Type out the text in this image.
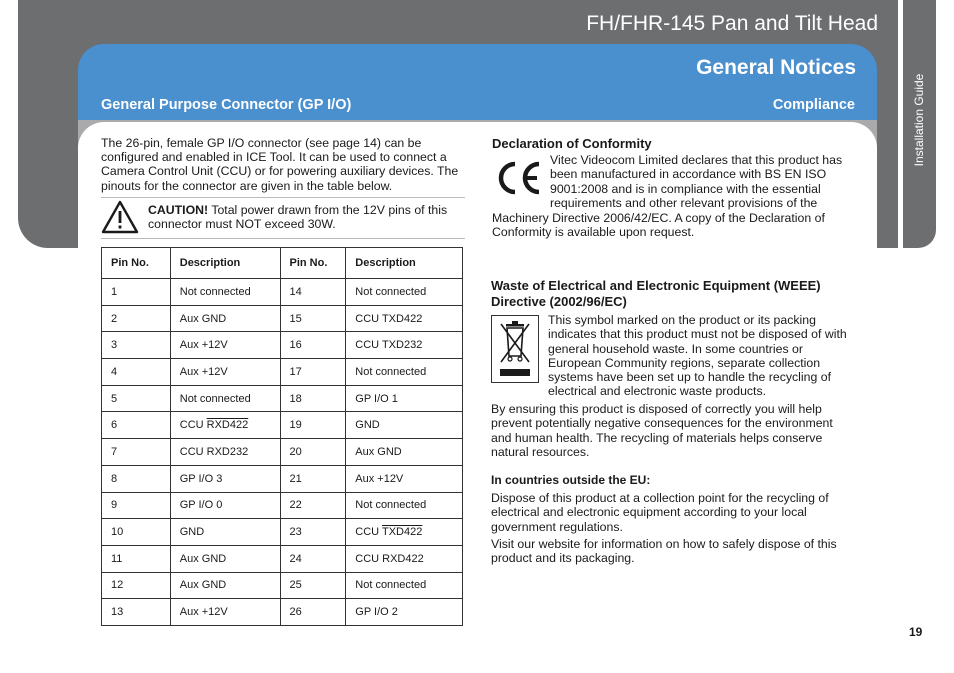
Installation Guide
FH/FHR-145 Pan and Tilt Head
General Notices
General Purpose Connector (GP I/O)	Compliance

The 26-pin, female GP I/O connector (see page 14) can be configured and enabled in ICE Tool. It can be used to connect a Camera Control Unit (CCU) or for powering auxiliary devices. The pinouts for the connector are given in the table below.

CAUTION! Total power drawn from the 12V pins of this connector must NOT exceed 30W.
Pin No.	Description	Pin No.	Description
1	Not connected	14	Not connected
2	Aux GND	15	CCU TXD422
3	Aux +12V	16	CCU TXD232
4	Aux +12V	17	Not connected
5	Not connected	18	GP I/O 1
6	CCU RXD422	19	GND
7	CCU RXD232	20	Aux GND
8	GP I/O 3	21	Aux +12V
9	GP I/O 0	22	Not connected
10	GND	23	CCU TXD422
11	Aux GND	24	CCU RXD422
12	Aux GND	25	Not connected
13	Aux +12V	26	GP I/O 2
Declaration of Conformity

Vitec Videocom Limited declares that this product has been manufactured in accordance with BS EN ISO 9001:2008 and is in compliance with the essential requirements and other relevant provisions of the

Machinery Directive 2006/42/EC. A copy of the Declaration of Conformity is available upon request.

Waste of Electrical and Electronic Equipment (WEEE) Directive (2002/96/EC)

This symbol marked on the product or its packing indicates that this product must not be disposed of with general household waste. In some countries or European Community regions, separate collection systems have been set up to handle the recycling of electrical and electronic waste products.

By ensuring this product is disposed of correctly you will help prevent potentially negative consequences for the environment and human health. The recycling of materials helps conserve natural resources.

In countries outside the EU:

Dispose of this product at a collection point for the recycling of electrical and electronic equipment according to your local government regulations.

Visit our website for information on how to safely dispose of this product and its packaging.

19
